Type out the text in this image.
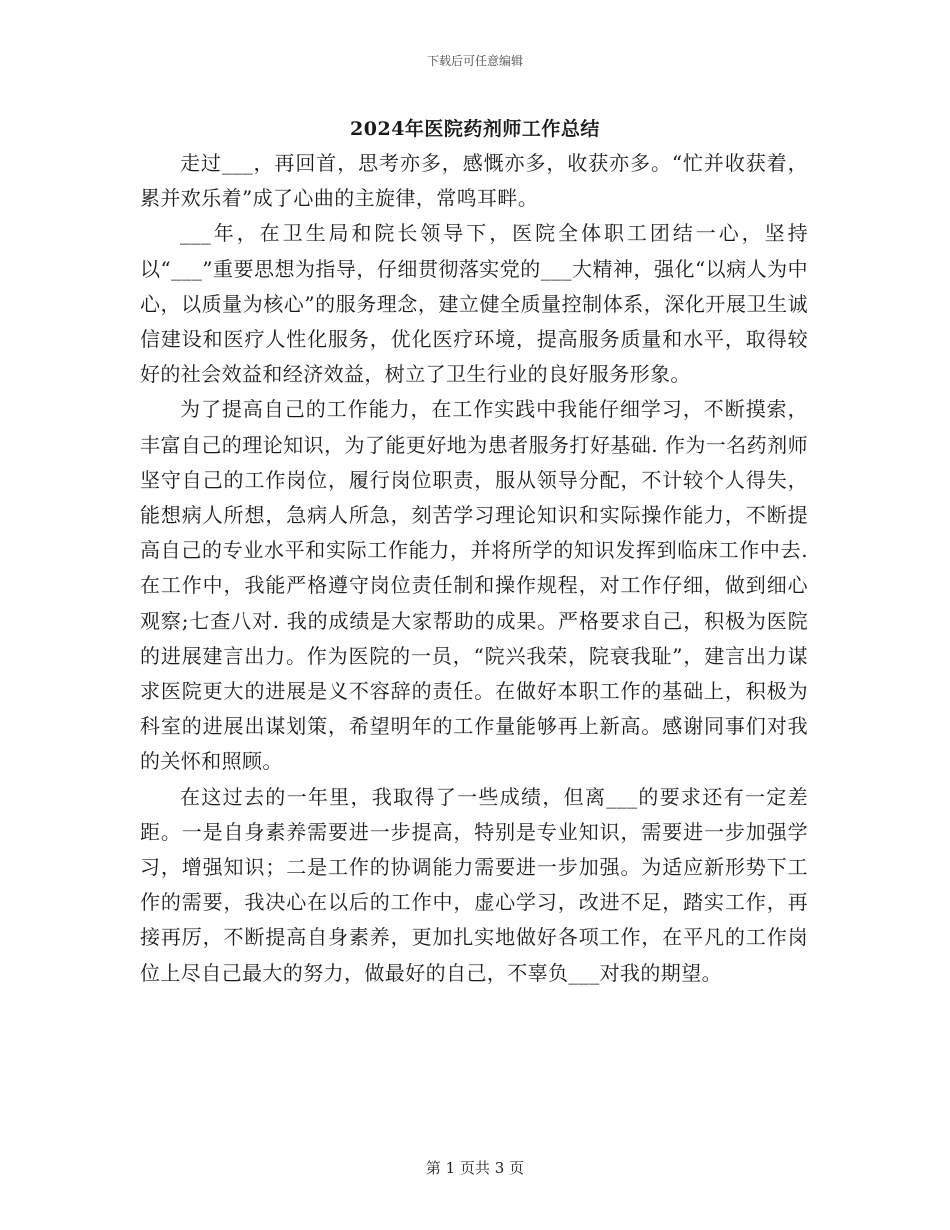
下载后可任意编辑
2024年医院药剂师工作总结

走过___，再回首，思考亦多，感慨亦多，收获亦多。“忙并收获着，累并欢乐着”成了心曲的主旋律，常鸣耳畔。

___年，在卫生局和院长领导下，医院全体职工团结一心，坚持以“___”重要思想为指导，仔细贯彻落实党的___大精神，强化“以病人为中心，以质量为核心”的服务理念，建立健全质量控制体系，深化开展卫生诚信建设和医疗人性化服务，优化医疗环境，提高服务质量和水平，取得较好的社会效益和经济效益，树立了卫生行业的良好服务形象。

为了提高自己的工作能力，在工作实践中我能仔细学习，不断摸索，丰富自己的理论知识，为了能更好地为患者服务打好基础. 作为一名药剂师坚守自己的工作岗位，履行岗位职责，服从领导分配，不计较个人得失，能想病人所想，急病人所急，刻苦学习理论知识和实际操作能力，不断提高自己的专业水平和实际工作能力，并将所学的知识发挥到临床工作中去. 在工作中，我能严格遵守岗位责任制和操作规程，对工作仔细，做到细心观察;七查八对. 我的成绩是大家帮助的成果。严格要求自己，积极为医院的进展建言出力。作为医院的一员，“院兴我荣，院衰我耻”，建言出力谋求医院更大的进展是义不容辞的责任。在做好本职工作的基础上，积极为科室的进展出谋划策，希望明年的工作量能够再上新高。感谢同事们对我的关怀和照顾。

在这过去的一年里，我取得了一些成绩，但离___的要求还有一定差距。一是自身素养需要进一步提高，特别是专业知识，需要进一步加强学习，增强知识；二是工作的协调能力需要进一步加强。为适应新形势下工作的需要，我决心在以后的工作中，虚心学习，改进不足，踏实工作，再接再厉，不断提高自身素养，更加扎实地做好各项工作，在平凡的工作岗位上尽自己最大的努力，做最好的自己，不辜负___对我的期望。

第 1 页共 3 页
